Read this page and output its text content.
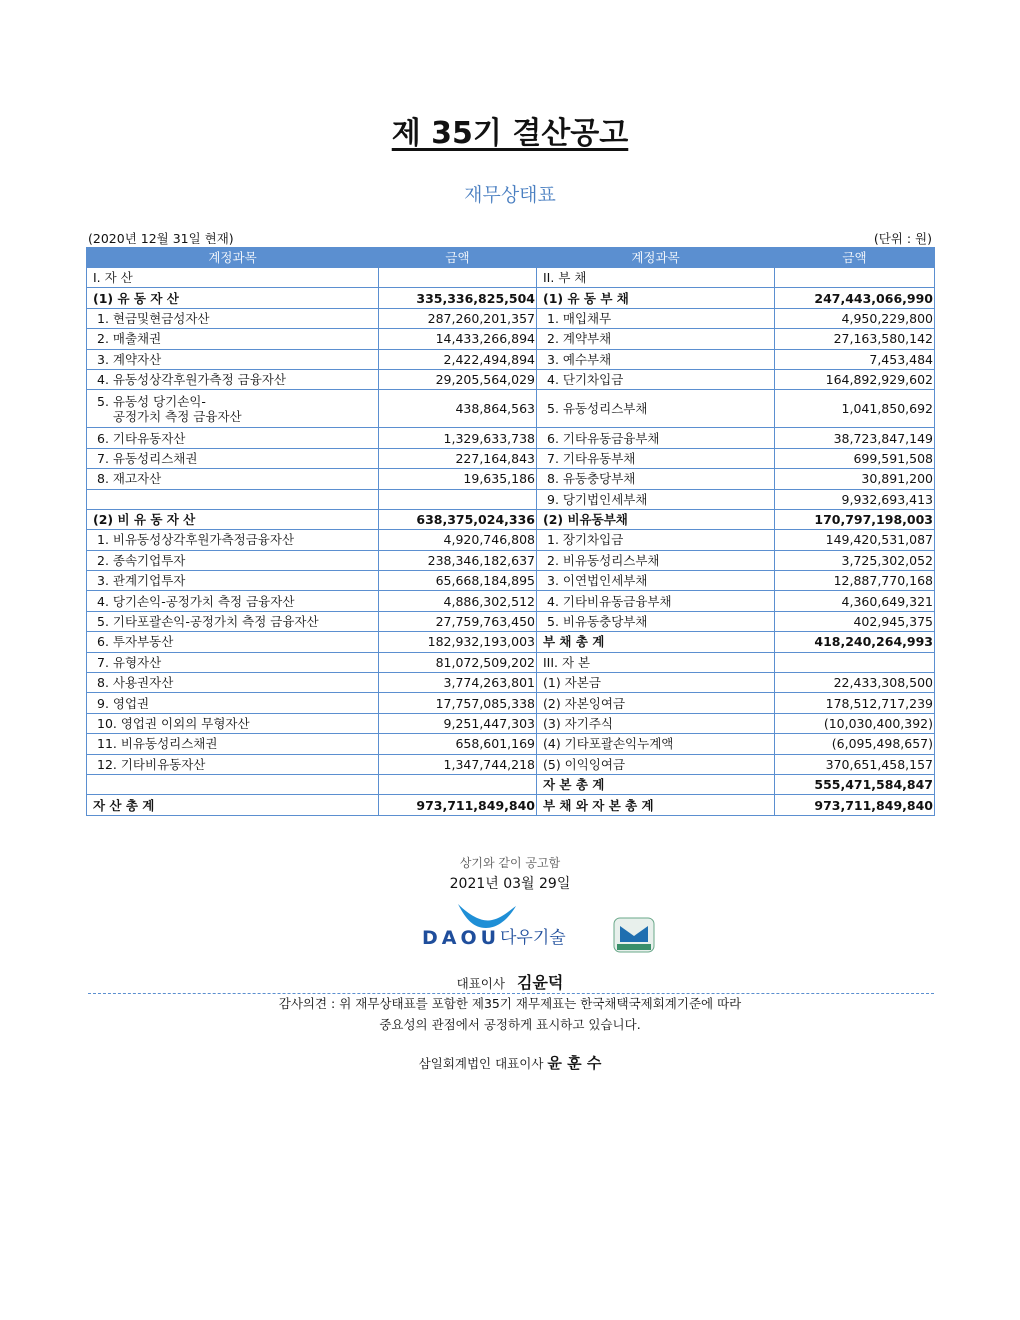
제 35기 결산공고
재무상태표
(2020년 12월 31일 현재)	(단위 : 원)
계정과목	금액	계정과목	금액
I. 자 산		II. 부 채	
(1) 유 동 자 산	335,336,825,504	(1) 유 동 부 채	247,443,066,990
1. 현금및현금성자산	287,260,201,357	1. 매입채무	4,950,229,800
2. 매출채권	14,433,266,894	2. 계약부채	27,163,580,142
3. 계약자산	2,422,494,894	3. 예수부채	7,453,484
4. 유동성상각후원가측정 금융자산	29,205,564,029	4. 단기차입금	164,892,929,602
5. 유동성 당기손익-
공정가치 측정 금융자산	438,864,563	5. 유동성리스부채	1,041,850,692
6. 기타유동자산	1,329,633,738	6. 기타유동금융부채	38,723,847,149
7. 유동성리스채권	227,164,843	7. 기타유동부채	699,591,508
8. 재고자산	19,635,186	8. 유동충당부채	30,891,200
		9. 당기법인세부채	9,932,693,413
(2) 비 유 동 자 산	638,375,024,336	(2) 비유동부채	170,797,198,003
1. 비유동성상각후원가측정금융자산	4,920,746,808	1. 장기차입금	149,420,531,087
2. 종속기업투자	238,346,182,637	2. 비유동성리스부채	3,725,302,052
3. 관계기업투자	65,668,184,895	3. 이연법인세부채	12,887,770,168
4. 당기손익-공정가치 측정 금융자산	4,886,302,512	4. 기타비유동금융부채	4,360,649,321
5. 기타포괄손익-공정가치 측정 금융자산	27,759,763,450	5. 비유동충당부채	402,945,375
6. 투자부동산	182,932,193,003	부 채 총 계	418,240,264,993
7. 유형자산	81,072,509,202	III. 자 본	
8. 사용권자산	3,774,263,801	(1) 자본금	22,433,308,500
9. 영업권	17,757,085,338	(2) 자본잉여금	178,512,717,239
10. 영업권 이외의 무형자산	9,251,447,303	(3) 자기주식	(10,030,400,392)
11. 비유동성리스채권	658,601,169	(4) 기타포괄손익누계액	(6,095,498,657)
12. 기타비유동자산	1,347,744,218	(5) 이익잉여금	370,651,458,157
		자 본 총 계	555,471,584,847
자 산 총 계	973,711,849,840	부 채 와 자 본 총 계	973,711,849,840
상기와 같이 공고함
2021년 03월 29일
DAOU 다우기술
대표이사 김윤덕
감사의견 : 위 재무상태표를 포함한 제35기 재무제표는 한국채택국제회계기준에 따라
중요성의 관점에서 공정하게 표시하고 있습니다.
삼일회계법인 대표이사 윤 훈 수
